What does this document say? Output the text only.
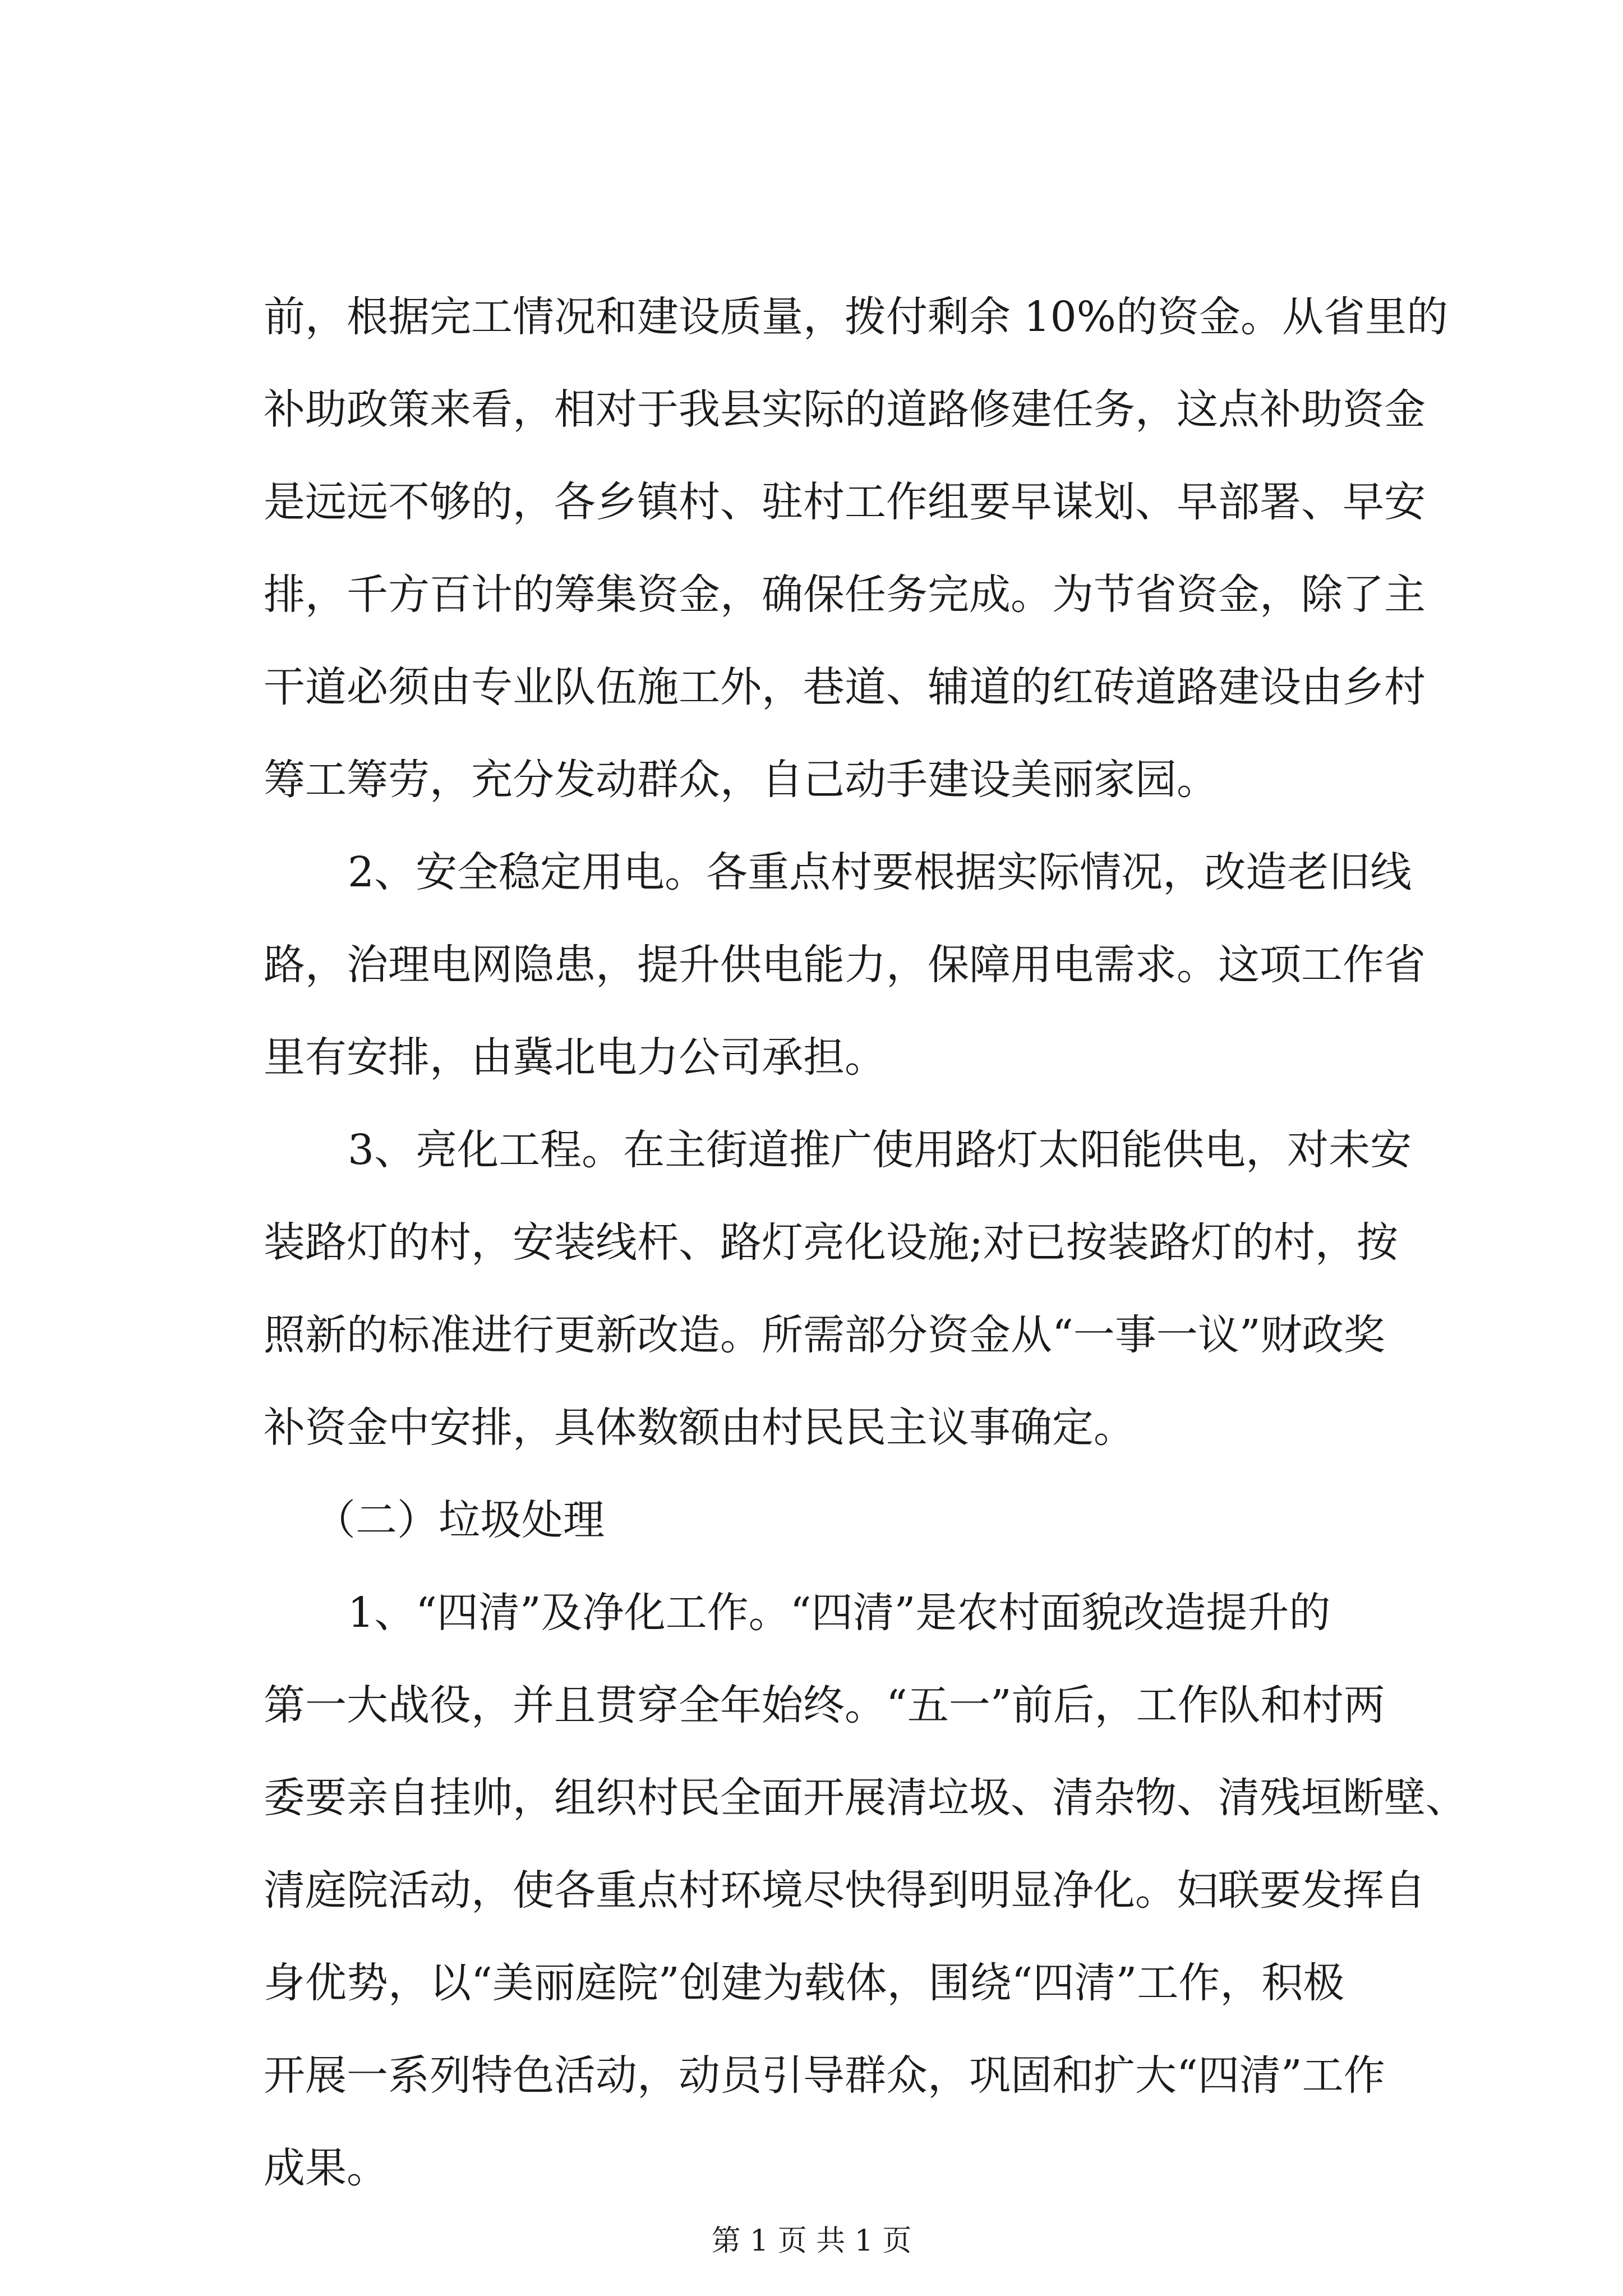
前，根据完工情况和建设质量，拨付剩余 10%的资金。从省里的
补助政策来看，相对于我县实际的道路修建任务，这点补助资金
是远远不够的，各乡镇村、驻村工作组要早谋划、早部署、早安
排，千方百计的筹集资金，确保任务完成。为节省资金，除了主
干道必须由专业队伍施工外，巷道、辅道的红砖道路建设由乡村
筹工筹劳，充分发动群众，自己动手建设美丽家园。
2、安全稳定用电。各重点村要根据实际情况，改造老旧线
路，治理电网隐患，提升供电能力，保障用电需求。这项工作省
里有安排，由冀北电力公司承担。
3、亮化工程。在主街道推广使用路灯太阳能供电，对未安
装路灯的村，安装线杆、路灯亮化设施;对已按装路灯的村，按
照新的标准进行更新改造。所需部分资金从“一事一议”财政奖
补资金中安排，具体数额由村民民主议事确定。
（二）垃圾处理
1、“四清”及净化工作。“四清”是农村面貌改造提升的
第一大战役，并且贯穿全年始终。“五一”前后，工作队和村两
委要亲自挂帅，组织村民全面开展清垃圾、清杂物、清残垣断壁、
清庭院活动，使各重点村环境尽快得到明显净化。妇联要发挥自
身优势，以“美丽庭院”创建为载体，围绕“四清”工作，积极
开展一系列特色活动，动员引导群众，巩固和扩大“四清”工作
成果。
第 1 页 共 1 页
